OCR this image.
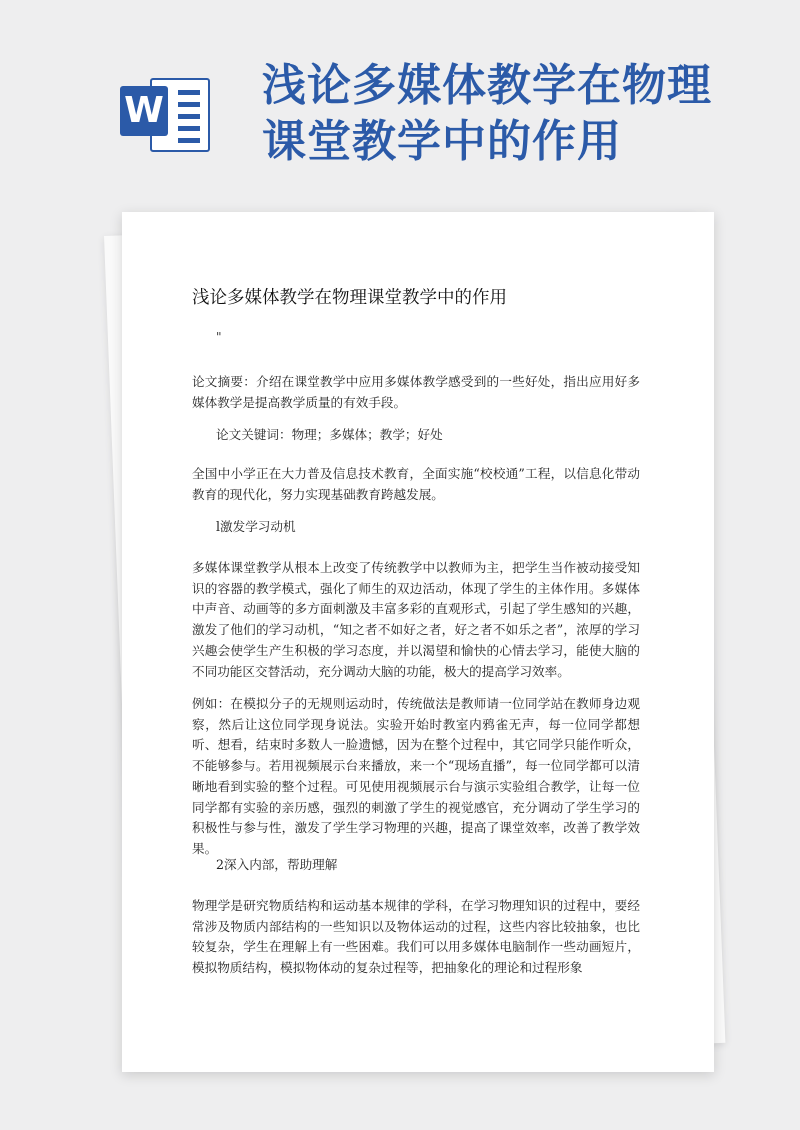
W 浅论多媒体教学在物理
课堂教学中的作用
浅论多媒体教学在物理课堂教学中的作用
"

论文摘要：介绍在课堂教学中应用多媒体教学感受到的一些好处，指出应用好多媒体教学是提高教学质量的有效手段。

论文关键词：物理；多媒体；教学；好处

全国中小学正在大力普及信息技术教育，全面实施“校校通”工程，以信息化带动教育的现代化，努力实现基础教育跨越发展。

l激发学习动机

多媒体课堂教学从根本上改变了传统教学中以教师为主，把学生当作被动接受知识的容器的教学模式，强化了师生的双边活动，体现了学生的主体作用。多媒体中声音、动画等的多方面刺激及丰富多彩的直观形式，引起了学生感知的兴趣，激发了他们的学习动机，“知之者不如好之者，好之者不如乐之者”，浓厚的学习兴趣会使学生产生积极的学习态度，并以渴望和愉快的心情去学习，能使大脑的不同功能区交替活动，充分调动大脑的功能，极大的提高学习效率。

例如：在模拟分子的无规则运动时，传统做法是教师请一位同学站在教师身边观察，然后让这位同学现身说法。实验开始时教室内鸦雀无声，每一位同学都想听、想看，结束时多数人一脸遗憾，因为在整个过程中，其它同学只能作听众，不能够参与。若用视频展示台来播放，来一个“现场直播”，每一位同学都可以清晰地看到实验的整个过程。可见使用视频展示台与演示实验组合教学，让每一位同学都有实验的亲历感，强烈的刺激了学生的视觉感官，充分调动了学生学习的积极性与参与性，激发了学生学习物理的兴趣，提高了课堂效率，改善了教学效果。

2深入内部，帮助理解

物理学是研究物质结构和运动基本规律的学科，在学习物理知识的过程中，要经常涉及物质内部结构的一些知识以及物体运动的过程，这些内容比较抽象，也比较复杂，学生在理解上有一些困难。我们可以用多媒体电脑制作一些动画短片，模拟物质结构，模拟物体动的复杂过程等，把抽象化的理论和过程形象
